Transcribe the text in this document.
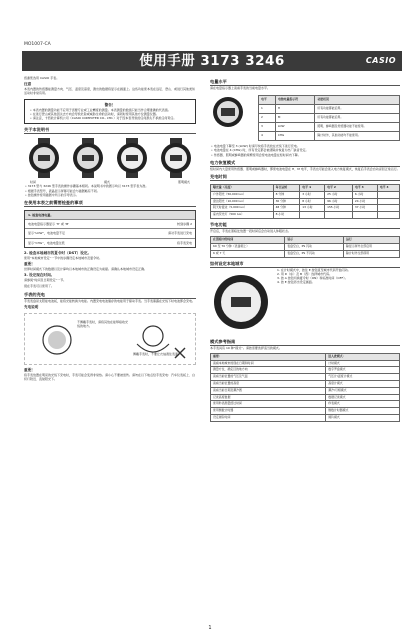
MO1007-CA
使用手册 3173 3246	CASIO

感谢您选用 CASIO 手表。

注意

本表内置的传感器能测量方向、气压、温度及高度，测出的数据将显示在画面上。这些功能使本表在远足、登山、或进行其他类似活动时非常有用。

警告！
• 本表内置的测量功能不应用于需要专业或工业精度的测量。本表测量的数值只能当作合理准确的代表值。
• 在进行登山或其他因失去方向会导致危险或威胁生命的活动时，请同时使用其他方位测量仪器。
• 请注意，卡西欧计算机公司（CASIO COMPUTER CO., LTD.）对于因本表导致的任何损失不承担任何责任。
关于本说明书
时间	模式	照明模式
• 3173 型与 3246 型手表的操作步骤基本相同。本说明书中的图示均以 3173 型手表为准。
• 根据手表型号，液晶显示屏幕可能会与插图略有不同。
• 按钮操作使用插图中所示的字母表示。
在使用本表之前需要检查的事项
1. 检查电池电量。
电池电量指示器显示 'H' 或 'M'	转到步骤 2
显示“LOW”，电池电量不足	请对手表进行充电
显示“CHG”，电池电量过低	将手表充电
2. 检查本地城市的夏令时（DST）设定。

使用“本地城市设定”一节中的步骤设定本地城市及夏令时。

重要！

世界时间模式下的数据以及计算均以本地城市的正确设定为前提。请确认本地城市设定正确。

3. 设定现在时间。

请参阅“时间及日期设定”一节。

现在手表可以使用了。

手表的充电

手表表盘是太阳能电池板，能将光能转换为电能。内置充电电池储存的电能用于驱动手表。当手表暴露在光线下时电池即会充电。

充电说明
不佩戴手表时，请将其放在能够接收光线的地方。
佩戴手表时，不要让衣袖遮住表面。
重要！

将手表放置在明亮的光线下充电时，手表可能会变得非常热。请小心不要被烫伤。请勿在以下地点给手表充电：汽车仪表板上、白炽灯附近、直射阳光下。

电量水平

请在电量指示器上查看手表的当前电量水平。

电平	电池电量指示符	功能状况
1	H	所有功能都能启用。
2	M	所有功能都能启用。
3	LOW	照明、蜂鸣器及传感器功能不能使用。
4	CHG	除计时外，其他功能均不能使用。
• 电池电量下降至 3 (LOW) 时请尽快将手表放在光线下进行充电。
• 电池电量在 4 (CHG) 时，所有设定都会被清除并恢复为出厂缺省设定。
• 传感器、照明或蜂鸣器的频繁使用会使电池电量在短时间内下降。
电力恢复模式

短时间内大量使用传感器、照明或蜂鸣器时，即使电池电量在 H、M 电平，手表也可能会进入电力恢复模式，恢复后手表会自动返回正常运行。

充电时间
曝光量（亮度）	每日运转	电平 1	电平 2	电平 3	电平 4
户外阳光（50,000 lux）	8 分钟	3 小时	25 小时	6 小时	
窗边阳光（10,000 lux）	30 分钟	8 小时	96 小时	24 小时	
阴天时窗边（5,000 lux）	48 分钟	13 小时	155 小时	37 小时	
室内荧光灯（500 lux）	8 小时				
节电功能

开启后，手表在黑暗处放置一段时间后会自动进入休眠状态。

在黑暗中的时间	显示	运行
60 至 70 分钟（表盘朝上）	表盘空白，PS 闪动	除显示屏外全部启用
6 或 7 天	表盘空白，PS 不闪动	除计时外全部停用
如何设定本地城市
1. 在计时模式中，按住 E 按钮直至城市代码开始闪动。
2. 用 D（东）及 B（西）选择城市代码。
3. 按 A 按钮切换夏令时（ON）和标准时间（OFF）。
4. 按 E 按钮退出设定画面。
模式参考指南

本手表具有 10 种“模式”。请按需要选择适当的模式。

需要：	进入此模式：
查看本地城市的现在日期和时间	计时模式
测量方位，确定目的地方向	数字罗盘模式
查看当前位置的气压及气温	气压计/温度计模式
查看当前位置的高度	高度计模式
查看当前日期及潮汐图	潮汐/月相模式
记录高度数据	数据记录模式
使用秒表测量经过时间	秒表模式
使用倒数计时器	倒数计时器模式
设定闹铃时间	闹铃模式
1
